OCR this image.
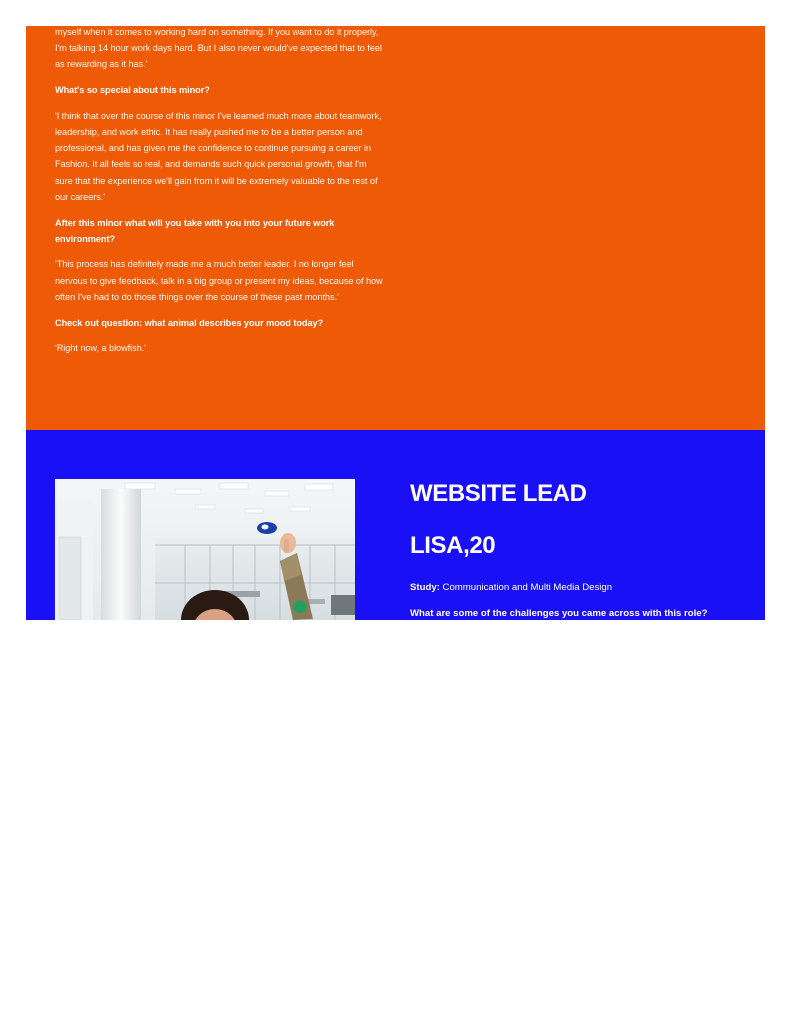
myself when it comes to working hard on something. If you want to do it properly, I'm talking 14 hour work days hard. But I also never would've expected that to feel as rewarding as it has.'

What's so special about this minor?

'I think that over the course of this minor I've learned much more about teamwork, leadership, and work ethic. It has really pushed me to be a better person and professional, and has given me the confidence to continue pursuing a career in Fashion. It all feels so real, and demands such quick personal growth, that I'm sure that the experience we'll gain from it will be extremely valuable to the rest of our careers.'

After this minor what will you take with you into your future work environment?

'This process has definitely made me a much better leader. I no longer feel nervous to give feedback, talk in a big group or present my ideas, because of how often I've had to do those things over the course of these past months.'

Check out question: what animal describes your mood today?

'Right now, a blowfish.'

WEBSITE LEAD
LISA,20
Study: Communication and Multi Media Design
What are some of the challenges you came across with this role?
